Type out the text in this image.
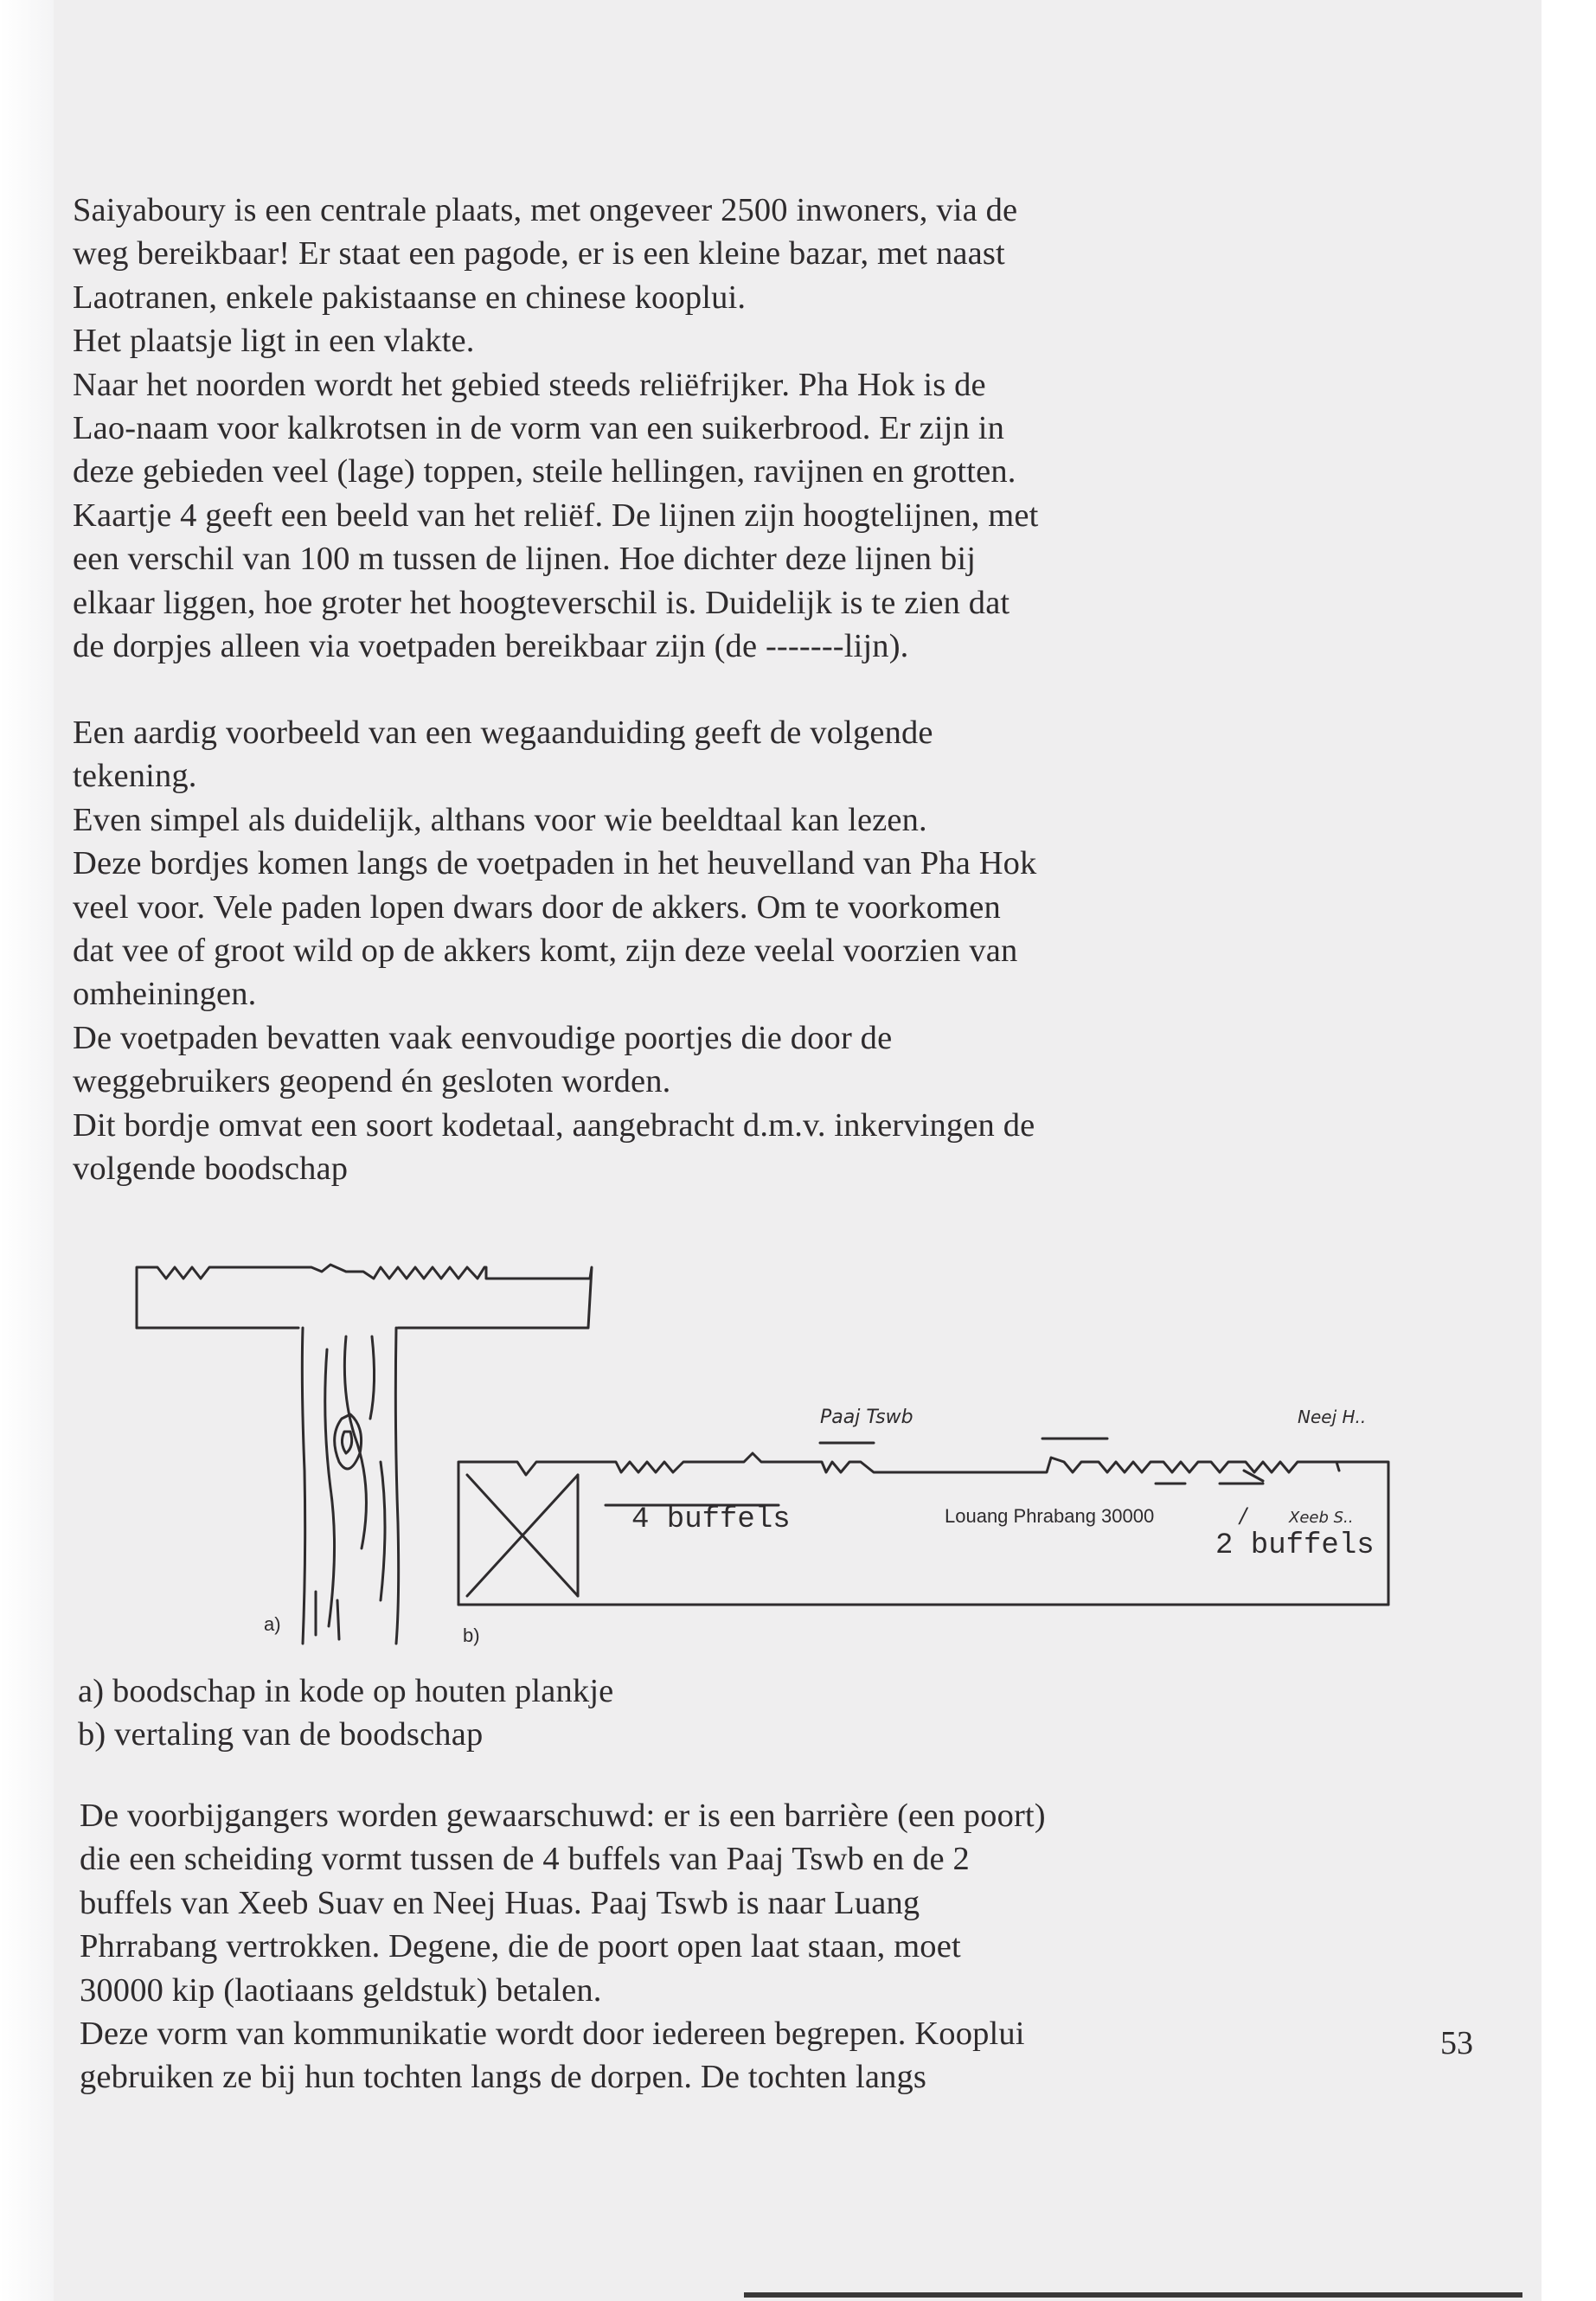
Saiyaboury is een centrale plaats, met ongeveer 2500 inwoners, via de
weg bereikbaar! Er staat een pagode, er is een kleine bazar, met naast
Laotranen, enkele pakistaanse en chinese kooplui.
Het plaatsje ligt in een vlakte.
Naar het noorden wordt het gebied steeds reliëfrijker. Pha Hok is de
Lao-naam voor kalkrotsen in de vorm van een suikerbrood. Er zijn in
deze gebieden veel (lage) toppen, steile hellingen, ravijnen en grotten.
Kaartje 4 geeft een beeld van het reliëf. De lijnen zijn hoogtelijnen, met
een verschil van 100 m tussen de lijnen. Hoe dichter deze lijnen bij
elkaar liggen, hoe groter het hoogteverschil is. Duidelijk is te zien dat
de dorpjes alleen via voetpaden bereikbaar zijn (de -------lijn).

Een aardig voorbeeld van een wegaanduiding geeft de volgende
tekening.
Even simpel als duidelijk, althans voor wie beeldtaal kan lezen.
Deze bordjes komen langs de voetpaden in het heuvelland van Pha Hok
veel voor. Vele paden lopen dwars door de akkers. Om te voorkomen
dat vee of groot wild op de akkers komt, zijn deze veelal voorzien van
omheiningen.
De voetpaden bevatten vaak eenvoudige poortjes die door de
weggebruikers geopend én gesloten worden.
Dit bordje omvat een soort kodetaal, aangebracht d.m.v. inkervingen de
volgende boodschap

Paaj Tswb	Neej H..
4 buffels	Louang Phrabang 30000	/	Xeeb S..
2 buffels
a)
b)

a) boodschap in kode op houten plankje
b) vertaling van de boodschap

De voorbijgangers worden gewaarschuwd: er is een barrière (een poort)
die een scheiding vormt tussen de 4 buffels van Paaj Tswb en de 2
buffels van Xeeb Suav en Neej Huas. Paaj Tswb is naar Luang
Phrrabang vertrokken. Degene, die de poort open laat staan, moet
30000 kip (laotiaans geldstuk) betalen.
Deze vorm van kommunikatie wordt door iedereen begrepen. Kooplui
gebruiken ze bij hun tochten langs de dorpen. De tochten langs

53
